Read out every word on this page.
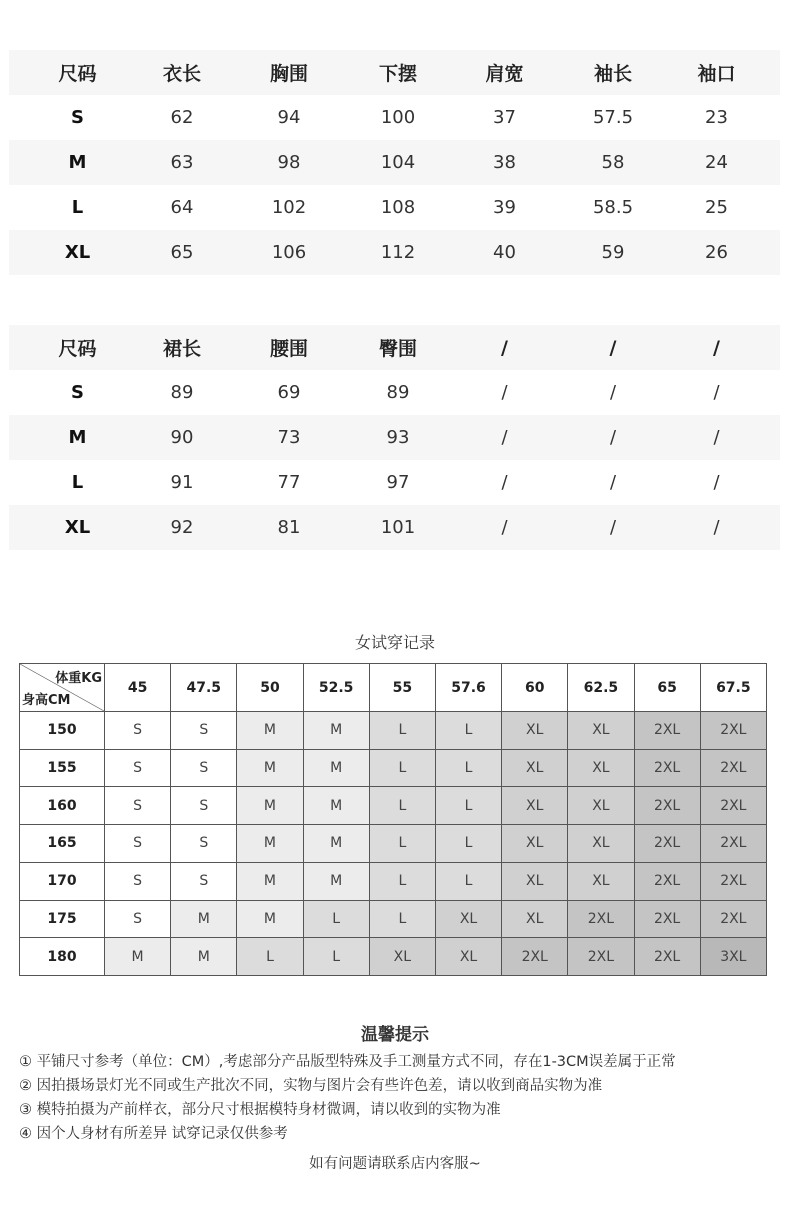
尺码	衣长	胸围	下摆	肩宽	袖长	袖口
S	62	94	100	37	57.5	23
M	63	98	104	38	58	24
L	64	102	108	39	58.5	25
XL	65	106	112	40	59	26
尺码	裙长	腰围	臀围	/	/	/
S	89	69	89	/	/	/
M	90	73	93	/	/	/
L	91	77	97	/	/	/
XL	92	81	101	/	/	/
女试穿记录
体重KG
身高CM	45	47.5	50	52.5	55	57.6	60	62.5	65	67.5
150	S	S	M	M	L	L	XL	XL	2XL	2XL
155	S	S	M	M	L	L	XL	XL	2XL	2XL
160	S	S	M	M	L	L	XL	XL	2XL	2XL
165	S	S	M	M	L	L	XL	XL	2XL	2XL
170	S	S	M	M	L	L	XL	XL	2XL	2XL
175	S	M	M	L	L	XL	XL	2XL	2XL	2XL
180	M	M	L	L	XL	XL	2XL	2XL	2XL	3XL
温馨提示
① 平铺尺寸参考（单位：CM）,考虑部分产品版型特殊及手工测量方式不同，存在1-3CM误差属于正常
② 因拍摄场景灯光不同或生产批次不同，实物与图片会有些许色差，请以收到商品实物为准
③ 模特拍摄为产前样衣，部分尺寸根据模特身材微调，请以收到的实物为准
④ 因个人身材有所差异 试穿记录仅供参考
如有问题请联系店内客服~
